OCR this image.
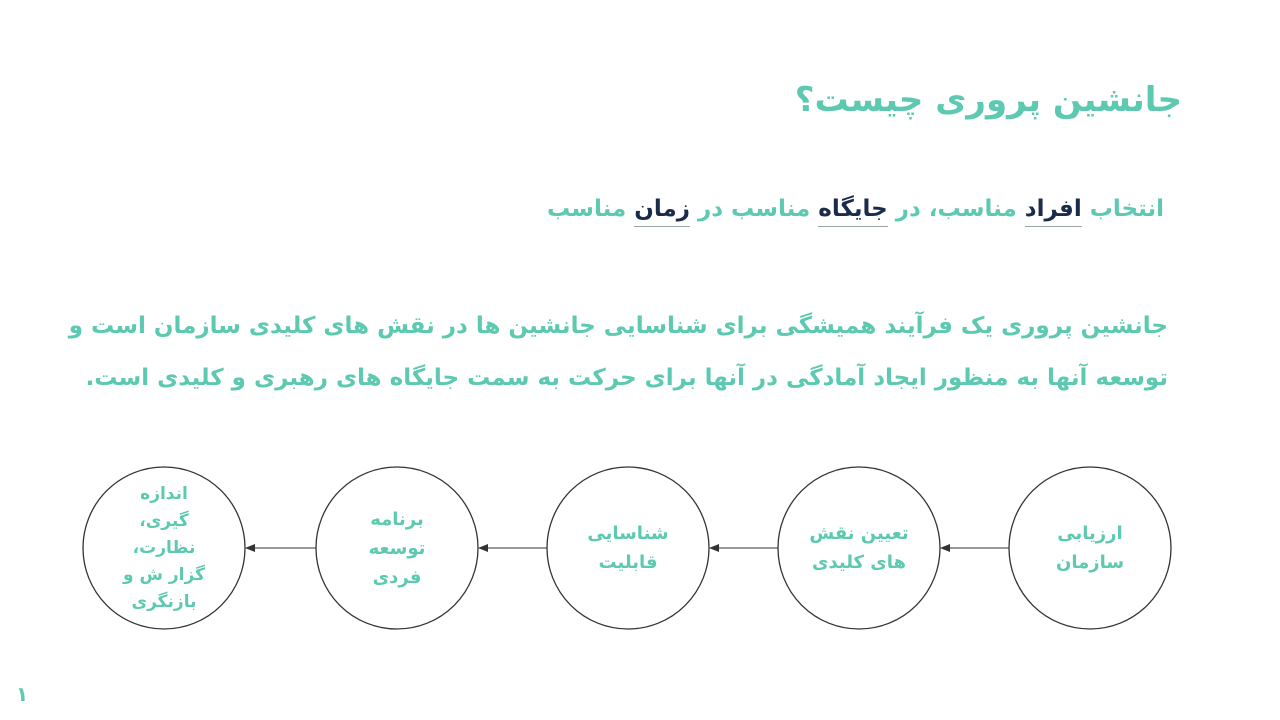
جانشین پروری چیست؟
انتخاب افراد مناسب، در جایگاه مناسب در زمان مناسب
جانشین پروری یک فرآیند همیشگی برای شناسایی جانشین ها در نقش های کلیدی سازمان است و
توسعه آنها به منظور ایجاد آمادگی در آنها برای حرکت به سمت جایگاه های رهبری و کلیدی است.
ارزیابی سازمان
تعیین نقش های کلیدی
شناسایی قابلیت
برنامه توسعه فردی
اندازه گیری، نظارت، گزار ش و بازنگری
۱
